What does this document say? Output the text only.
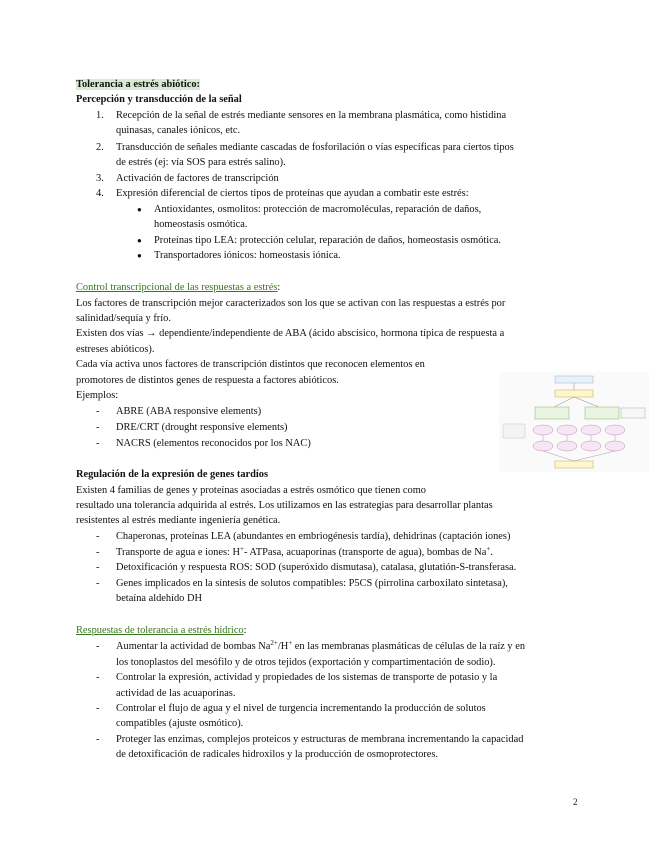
Tolerancia a estrés abiótico:
Percepción y transducción de la señal
1. Recepción de la señal de estrés mediante sensores en la membrana plasmática, como histidina
quinasas, canales iónicos, etc.
2. Transducción de señales mediante cascadas de fosforilación o vías específicas para ciertos tipos
de estrés (ej: vía SOS para estrés salino).
3. Activación de factores de transcripción
4. Expresión diferencial de ciertos tipos de proteínas que ayudan a combatir este estrés:
● Antioxidantes, osmolitos: protección de macromoléculas, reparación de daños,
homeostasis osmótica.
● Proteínas tipo LEA: protección celular, reparación de daños, homeostasis osmótica.
● Transportadores iónicos: homeostasis iónica.
Control transcripcional de las respuestas a estrés:
Los factores de transcripción mejor caracterizados son los que se activan con las respuestas a estrés por
salinidad/sequía y frío.
Existen dos vías → dependiente/independiente de ABA (ácido abscísico, hormona típica de respuesta a
estreses abióticos).
Cada vía activa unos factores de transcripción distintos que reconocen elementos en
promotores de distintos genes de respuesta a factores abióticos.
Ejemplos:
- ABRE (ABA responsive elements)
- DRE/CRT (drought responsive elements)
- NACRS (elementos reconocidos por los NAC)
Regulación de la expresión de genes tardíos
Existen 4 familias de genes y proteínas asociadas a estrés osmótico que tienen como
resultado una tolerancia adquirida al estrés. Los utilizamos en las estrategias para desarrollar plantas
resistentes al estrés mediante ingeniería genética.
- Chaperonas, proteínas LEA (abundantes en embriogénesis tardía), dehidrinas (captación iones)
- Transporte de agua e iones: H+- ATPasa, acuaporinas (transporte de agua), bombas de Na+.
- Detoxificación y respuesta ROS: SOD (superóxido dismutasa), catalasa, glutatión-S-transferasa.
- Genes implicados en la síntesis de solutos compatibles: P5CS (pirrolina carboxilato sintetasa),
betaína aldehído DH
Respuestas de tolerancia a estrés hídrico:
- Aumentar la actividad de bombas $Na^{2+}/H^+$ en las membranas plasmáticas de células de la raíz y en
los tonoplastos del mesófilo y de otros tejidos (exportación y compartimentación de sodio).
- Controlar la expresión, actividad y propiedades de los sistemas de transporte de potasio y la
actividad de las acuaporinas.
- Controlar el flujo de agua y el nivel de turgencia incrementando la producción de solutos
compatibles (ajuste osmótico).
- Proteger las enzimas, complejos proteicos y estructuras de membrana incrementando la capacidad
de detoxificación de radicales hidroxilos y la producción de osmoprotectores.
2
